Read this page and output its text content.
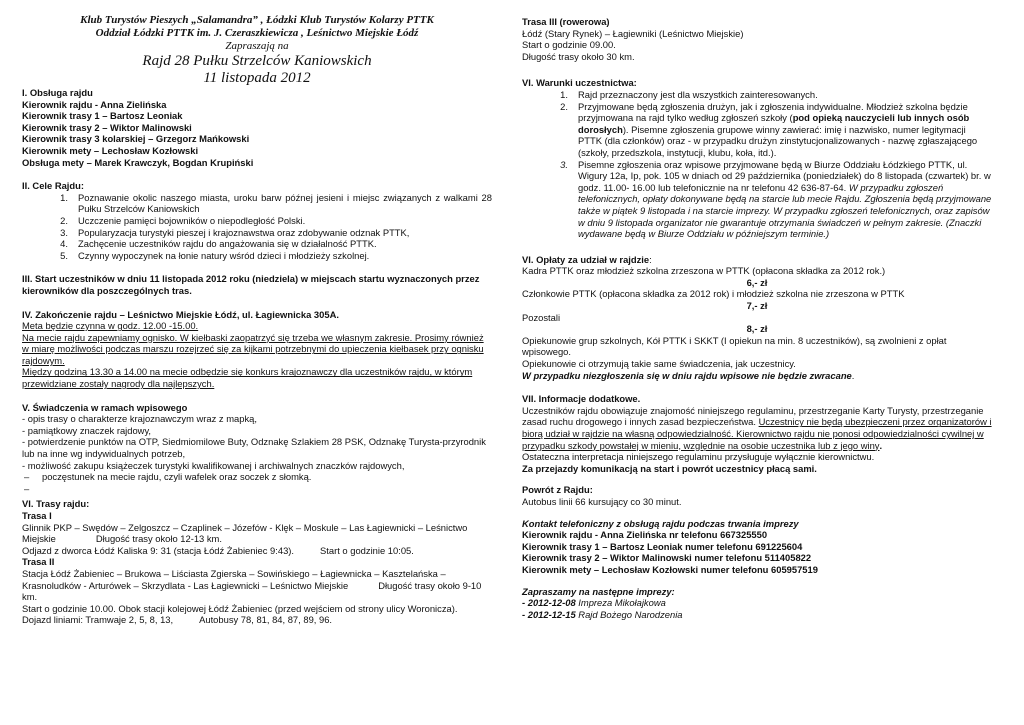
Klub Turystów Pieszych „Salamandra” , Łódzki Klub Turystów Kolarzy PTTK
Oddział Łódzki PTTK im. J. Czeraszkiewicza , Leśnictwo Miejskie Łódź
Zapraszają na
Rajd 28 Pułku Strzelców Kaniowskich
11 listopada 2012
I. Obsługa rajdu
Kierownik rajdu - Anna Zielińska
Kierownik trasy 1 – Bartosz Leoniak
Kierownik trasy 2 – Wiktor Malinowski
Kierownik trasy 3 kolarskiej – Grzegorz Mańkowski
Kierownik mety – Lechosław Kozłowski
Obsługa mety – Marek Krawczyk, Bogdan Krupiński
II. Cele Rajdu:
1.	Poznawanie okolic naszego miasta, uroku barw późnej jesieni i miejsc związanych z walkami 28 Pułku Strzelców Kaniowskich
2.	Uczczenie pamięci bojowników o niepodległość Polski.
3.	Popularyzacja turystyki pieszej i krajoznawstwa oraz zdobywanie odznak PTTK,
4.	Zachęcenie uczestników rajdu do angażowania się w działalność PTTK.
5.	Czynny wypoczynek na łonie natury wśród dzieci i młodzieży szkolnej.
III. Start uczestników w dniu 11 listopada 2012 roku (niedziela) w miejscach startu wyznaczonych przez kierowników dla poszczególnych tras.
IV. Zakończenie rajdu – Leśnictwo Miejskie Łódź, ul. Łagiewnicka 305A.
Meta będzie czynna w godz. 12.00 -15.00.
Na mecie rajdu zapewniamy ognisko. W kiełbaski zaopatrzyć się trzeba we własnym zakresie. Prosimy również w miarę możliwości podczas marszu rozejrzeć się za kijkami potrzebnymi do upieczenia kiełbasek przy ognisku rajdowym.
Między godziną 13.30 a 14.00 na mecie odbędzie się konkurs krajoznawczy dla uczestników rajdu, w którym przewidziane zostały nagrody dla najlepszych.
V. Świadczenia w ramach wpisowego
- opis trasy o charakterze krajoznawczym wraz z mapką,
- pamiątkowy znaczek rajdowy,
- potwierdzenie punktów na OTP, Siedmiomilowe Buty, Odznakę Szlakiem 28 PSK, Odznakę Turysta-przyrodnik lub na inne wg indywidualnych potrzeb,
- możliwość zakupu książeczek turystyki kwalifikowanej i archiwalnych znaczków rajdowych,
–	poczęstunek na mecie rajdu, czyli wafelek oraz soczek z słomką.
–
VI. Trasy rajdu:
Trasa I
Glinnik PKP – Swędów – Zelgoszcz – Czaplinek – Józefów - Klęk – Moskule – Las Łagiewnicki – Leśnictwo Miejskie	Długość trasy około 12-13 km.
Odjazd z dworca Łódź Kaliska 9: 31 (stacja Łódź Żabieniec 9:43).	Start o godzinie 10:05.
Trasa II
Stacja Łódź Żabieniec – Brukowa – Liściasta Zgierska – Sowińskiego – Łagiewnicka – Kasztelańska – Krasnoludków - Arturówek – Skrzydlata - Las Łagiewnicki – Leśnictwo Miejskie	Długość trasy około 9-10 km.
Start o godzinie 10.00. Obok stacji kolejowej Łódź Żabieniec (przed wejściem od strony ulicy Woronicza).
Dojazd liniami: Tramwaje 2, 5, 8, 13,	Autobusy 78, 81, 84, 87, 89, 96.
Trasa III (rowerowa)
Łódź (Stary Rynek) – Łagiewniki (Leśnictwo Miejskie)
Start o godzinie 09.00.
Długość trasy około 30 km.
VI. Warunki uczestnictwa:
1.	Rajd przeznaczony jest dla wszystkich zainteresowanych.
2.	Przyjmowane będą zgłoszenia drużyn, jak i zgłoszenia indywidualne. Młodzież szkolna będzie przyjmowana na rajd tylko według zgłoszeń szkoły (pod opieką nauczycieli lub innych osób dorosłych). Pisemne zgłoszenia grupowe winny zawierać: imię i nazwisko, numer legitymacji PTTK (dla członków) oraz - w przypadku drużyn zinstytucjonalizowanych - nazwę zgłaszającego (szkoły, przedszkola, instytucji, klubu, koła, itd.).
3.	Pisemne zgłoszenia oraz wpisowe przyjmowane będą w Biurze Oddziału Łódzkiego PTTK, ul. Wigury 12a, Ip, pok. 105 w dniach od 29 października (poniedziałek) do 8 listopada (czwartek) br. w godz. 11.00- 16.00 lub telefonicznie na nr telefonu 42 636-87-64. W przypadku zgłoszeń telefonicznych, opłaty dokonywane będą na starcie lub mecie Rajdu. Zgłoszenia będą przyjmowane także w piątek 9 listopada i na starcie imprezy. W przypadku zgłoszeń telefonicznych, oraz zapisów w dniu 9 listopada organizator nie gwarantuje otrzymania świadczeń w pełnym zakresie. (Znaczki wydawane będą w Biurze Oddziału w późniejszym terminie.)
VI. Opłaty za udział w rajdzie:
Kadra PTTK oraz młodzież szkolna zrzeszona w PTTK (opłacona składka za 2012 rok.)
6,- zł
Członkowie PTTK (opłacona składka za 2012 rok) i młodzież szkolna nie zrzeszona w PTTK
7,- zł
Pozostali
8,- zł
Opiekunowie grup szkolnych, Kół PTTK i SKKT (I opiekun na min. 8 uczestników), są zwolnieni z opłat wpisowego.
Opiekunowie ci otrzymują takie same świadczenia, jak uczestnicy.
W przypadku niezgłoszenia się w dniu rajdu wpisowe nie będzie zwracane.
VII. Informacje dodatkowe.
Uczestników rajdu obowiązuje znajomość niniejszego regulaminu, przestrzeganie Karty Turysty, przestrzeganie zasad ruchu drogowego i innych zasad bezpieczeństwa. Uczestnicy nie będą ubezpieczeni przez organizatorów i biorą udział w rajdzie na własną odpowiedzialność. Kierownictwo rajdu nie ponosi odpowiedzialności cywilnej w przypadku szkody powstałej w mieniu, względnie na osobie uczestnika lub z jego winy.
Ostateczna interpretacja niniejszego regulaminu przysługuje wyłącznie kierownictwu.
Za przejazdy komunikacją na start i powrót uczestnicy płacą sami.
Powrót z Rajdu:
Autobus linii 66 kursujący co 30 minut.
Kontakt telefoniczny z obsługą rajdu podczas trwania imprezy
Kierownik rajdu - Anna Zielińska nr telefonu 667325550
Kierownik trasy 1 – Bartosz Leoniak numer telefonu 691225604
Kierownik trasy 2 – Wiktor Malinowski numer telefonu 511405822
Kierownik mety – Lechosław Kozłowski numer telefonu 605957519
Zapraszamy na następne imprezy:
- 2012-12-08 Impreza Mikołajkowa
- 2012-12-15 Rajd Bożego Narodzenia
